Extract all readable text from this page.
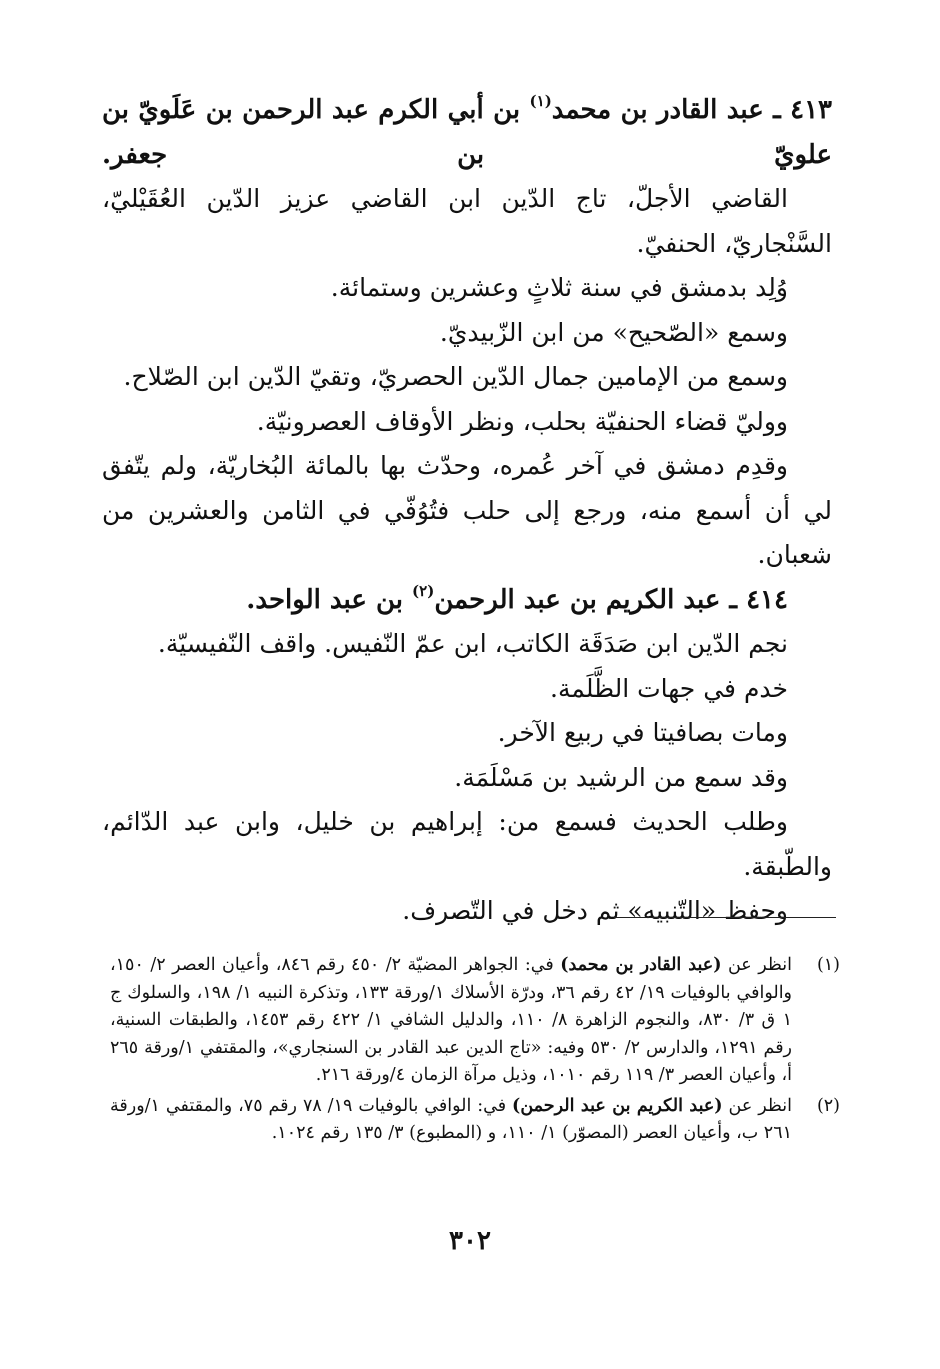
٤١٣ ـ عبد القادر بن محمد$^{(١)}$ بن أبي الكرم عبد الرحمن بن عَلَويّ بن علويّ بن جعفر.

القاضي الأجلّ، تاج الدّين ابن القاضي عزيز الدّين العُقَيْليّ، السَّنْجاريّ، الحنفيّ.

وُلِد بدمشق في سنة ثلاثٍ وعشرين وستمائة.

وسمع «الصّحيح» من ابن الزّبيديّ.

وسمع من الإمامين جمال الدّين الحصريّ، وتقيّ الدّين ابن الصّلاح.

ووليّ قضاء الحنفيّة بحلب، ونظر الأوقاف العصرونيّة.

وقدِم دمشق في آخر عُمره، وحدّث بها بالمائة البُخاريّة، ولم يتّفق لي أن أسمع منه، ورجع إلى حلب فتُوُفّي في الثامن والعشرين من شعبان.

٤١٤ ـ عبد الكريم بن عبد الرحمن$^{(٢)}$ بن عبد الواحد.

نجم الدّين ابن صَدَقَة الكاتب، ابن عمّ النّفيس. واقف النّفيسيّة.

خدم في جهات الظَّلَمة.

ومات بصافيتا في ربيع الآخر.

وقد سمع من الرشيد بن مَسْلَمَة.

وطلب الحديث فسمع من: إبراهيم بن خليل، وابن عبد الدّائم، والطّبقة.

وحفظ «التّنبيه» ثم دخل في التّصرف.

(١)
انظر عن (عبد القادر بن محمد) في: الجواهر المضيّة ٢/ ٤٥٠ رقم ٨٤٦، وأعيان العصر ٢/ ١٥٠، والوافي بالوفيات ١٩/ ٤٢ رقم ٣٦، ودرّة الأسلاك ١/ورقة ١٣٣، وتذكرة النبيه ١/ ١٩٨، والسلوك ج ١ ق ٣/ ٨٣٠، والنجوم الزاهرة ٨/ ١١٠، والدليل الشافي ١/ ٤٢٢ رقم ١٤٥٣، والطبقات السنية، رقم ١٢٩١، والدارس ٢/ ٥٣٠ وفيه: «تاج الدين عبد القادر بن السنجاري»، والمقتفي ١/ورقة ٢٦٥ أ، وأعيان العصر ٣/ ١١٩ رقم ١٠١٠، وذيل مرآة الزمان ٤/ورقة ٢١٦.
(٢)
انظر عن (عبد الكريم بن عبد الرحمن) في: الوافي بالوفيات ١٩/ ٧٨ رقم ٧٥، والمقتفي ١/ورقة ٢٦١ ب، وأعيان العصر (المصوّر) ١/ ١١٠، و (المطبوع) ٣/ ١٣٥ رقم ١٠٢٤.
٣٠٢
